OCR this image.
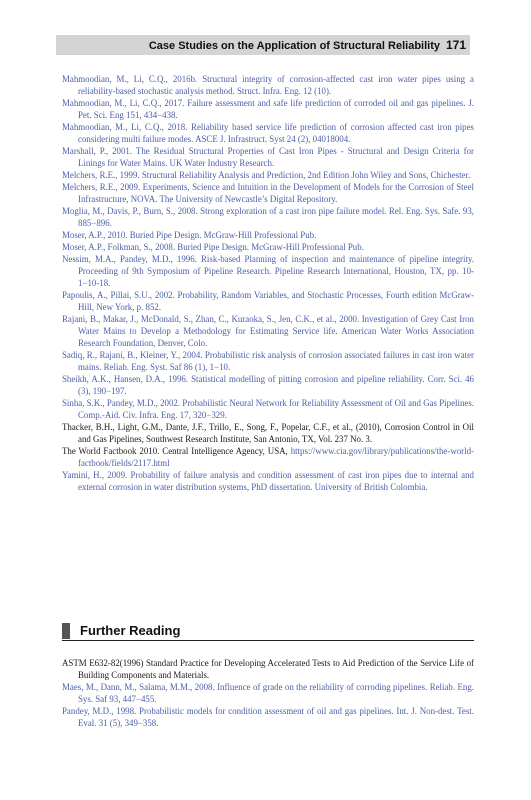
Case Studies on the Application of Structural Reliability 171
Mahmoodian, M., Li, C.Q., 2016b. Structural integrity of corrosion-affected cast iron water pipes using a reliability-based stochastic analysis method. Struct. Infra. Eng. 12 (10).
Mahmoodian, M., Li, C.Q., 2017. Failure assessment and safe life prediction of corroded oil and gas pipelines. J. Pet. Sci. Eng 151, 434−438.
Mahmoodian, M., Li, C.Q., 2018. Reliability based service life prediction of corrosion affected cast iron pipes considering multi failure modes. ASCE J. Infrastruct. Syst 24 (2), 04018004.
Marshall, P., 2001. The Residual Structural Properties of Cast Iron Pipes - Structural and Design Criteria for Linings for Water Mains. UK Water Industry Research.
Melchers, R.E., 1999. Structural Reliability Analysis and Prediction, 2nd Edition John Wiley and Sons, Chichester.
Melchers, R.E., 2009. Experiments, Science and Intuition in the Development of Models for the Corrosion of Steel Infrastructure, NOVA. The University of Newcastle’s Digital Repository.
Moglia, M., Davis, P., Burn, S., 2008. Strong exploration of a cast iron pipe failure model. Rel. Eng. Sys. Safe. 93, 885−896.
Moser, A.P., 2010. Buried Pipe Design. McGraw-Hill Professional Pub.
Moser, A.P., Folkman, S., 2008. Buried Pipe Design. McGraw-Hill Professional Pub.
Nessim, M.A., Pandey, M.D., 1996. Risk-based Planning of inspection and maintenance of pipeline integrity. Proceeding of 9th Symposium of Pipeline Research. Pipeline Research International, Houston, TX, pp. 10-1−10-18.
Papoulis, A., Pillai, S.U., 2002. Probability, Random Variables, and Stochastic Processes, Fourth edition McGraw-Hill, New York, p. 852.
Rajani, B., Makar, J., McDonald, S., Zhan, C., Kuraoka, S., Jen, C.K., et al., 2000. Investigation of Grey Cast Iron Water Mains to Develop a Methodology for Estimating Service life. American Water Works Association Research Foundation, Denver, Colo.
Sadiq, R., Rajani, B., Kleiner, Y., 2004. Probabilistic risk analysis of corrosion associated failures in cast iron water mains. Reliab. Eng. Syst. Saf 86 (1), 1−10.
Sheikh, A.K., Hansen, D.A., 1996. Statistical modelling of pitting corrosion and pipeline reliability. Corr. Sci. 46 (3), 190−197.
Sinha, S.K., Pandey, M.D., 2002. Probabilistic Neural Network for Reliability Assessment of Oil and Gas Pipelines. Comp.-Aid. Civ. Infra. Eng. 17, 320−329.
Thacker, B.H., Light, G.M., Dante, J.F., Trillo, E., Song, F., Popelar, C.F., et al., (2010), Corrosion Control in Oil and Gas Pipelines, Southwest Research Institute, San Antonio, TX, Vol. 237 No. 3.
The World Factbook 2010. Central Intelligence Agency, USA, https://www.cia.gov/library/publications/the-world-factbook/fields/2117.html
Yamini, H., 2009. Probability of failure analysis and condition assessment of cast iron pipes due to internal and external corrosion in water distribution systems, PhD dissertation. University of British Colombia.
Further Reading
ASTM E632-82(1996) Standard Practice for Developing Accelerated Tests to Aid Prediction of the Service Life of Building Components and Materials.
Maes, M., Dann, M., Salama, M.M., 2008. Influence of grade on the reliability of corroding pipelines. Reliab. Eng. Sys. Saf 93, 447−455.
Pandey, M.D., 1998. Probabilistic models for condition assessment of oil and gas pipelines. Int. J. Non-dest. Test. Eval. 31 (5), 349−358.
